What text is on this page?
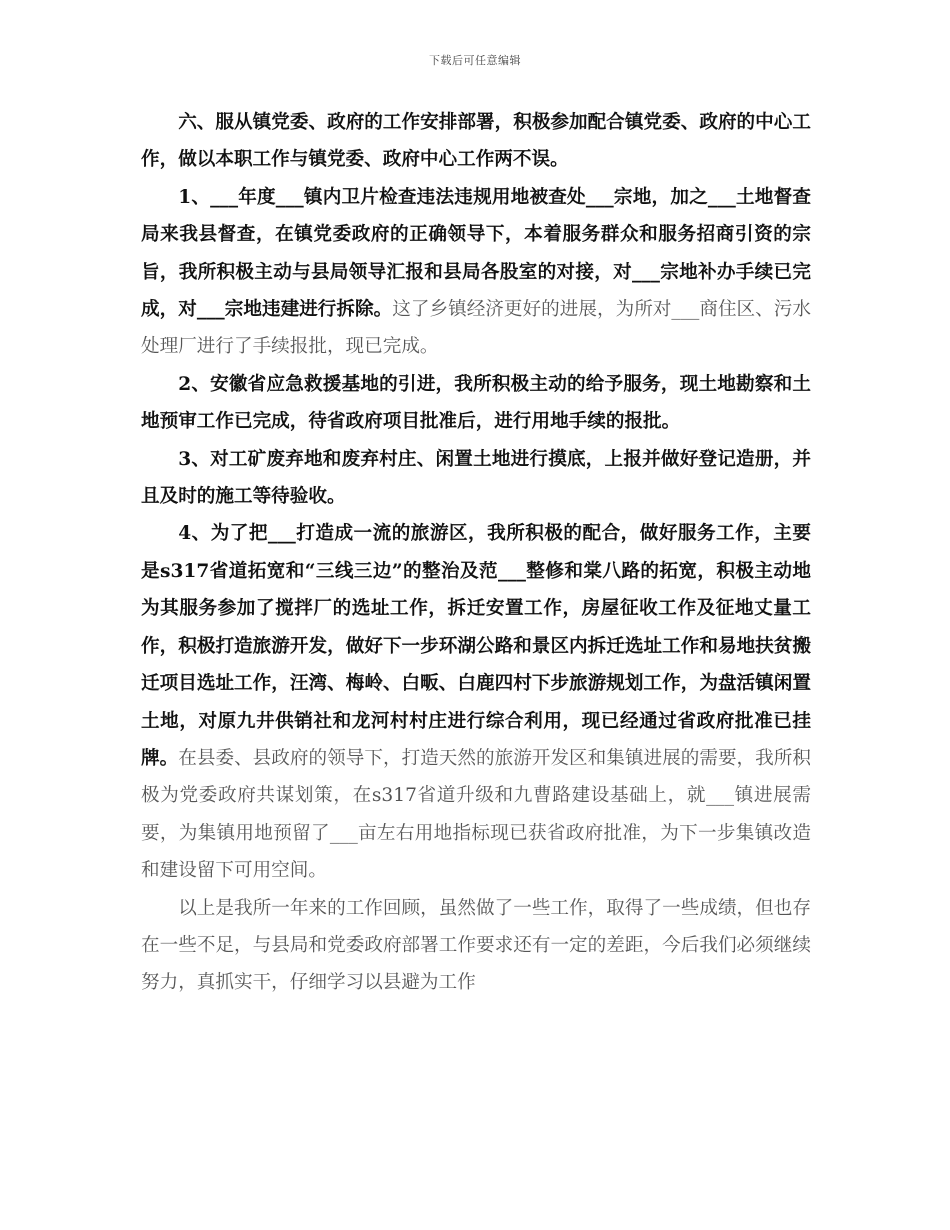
下载后可任意编辑

六、服从镇党委、政府的工作安排部署，积极参加配合镇党委、政府的中心工作，做以本职工作与镇党委、政府中心工作两不误。

1、___年度___镇内卫片检查违法违规用地被查处___宗地，加之___土地督查局来我县督查，在镇党委政府的正确领导下，本着服务群众和服务招商引资的宗旨，我所积极主动与县局领导汇报和县局各股室的对接，对___宗地补办手续已完成，对___宗地违建进行拆除。这了乡镇经济更好的进展，为所对___商住区、污水处理厂进行了手续报批，现已完成。

2、安徽省应急救援基地的引进，我所积极主动的给予服务，现土地勘察和土地预审工作已完成，待省政府项目批准后，进行用地手续的报批。

3、对工矿废弃地和废弃村庄、闲置土地进行摸底，上报并做好登记造册，并且及时的施工等待验收。

4、为了把___打造成一流的旅游区，我所积极的配合，做好服务工作，主要是s317省道拓宽和“三线三边”的整治及范___整修和棠八路的拓宽，积极主动地为其服务参加了搅拌厂的选址工作，拆迁安置工作，房屋征收工作及征地丈量工作，积极打造旅游开发，做好下一步环湖公路和景区内拆迁选址工作和易地扶贫搬迁项目选址工作，汪湾、梅岭、白畈、白鹿四村下步旅游规划工作，为盘活镇闲置土地，对原九井供销社和龙河村村庄进行综合利用，现已经通过省政府批准已挂牌。在县委、县政府的领导下，打造天然的旅游开发区和集镇进展的需要，我所积极为党委政府共谋划策，在s317省道升级和九曹路建设基础上，就___镇进展需要，为集镇用地预留了___亩左右用地指标现已获省政府批准，为下一步集镇改造和建设留下可用空间。

以上是我所一年来的工作回顾，虽然做了一些工作，取得了一些成绩，但也存在一些不足，与县局和党委政府部署工作要求还有一定的差距，今后我们必须继续努力，真抓实干，仔细学习以县避为工作
